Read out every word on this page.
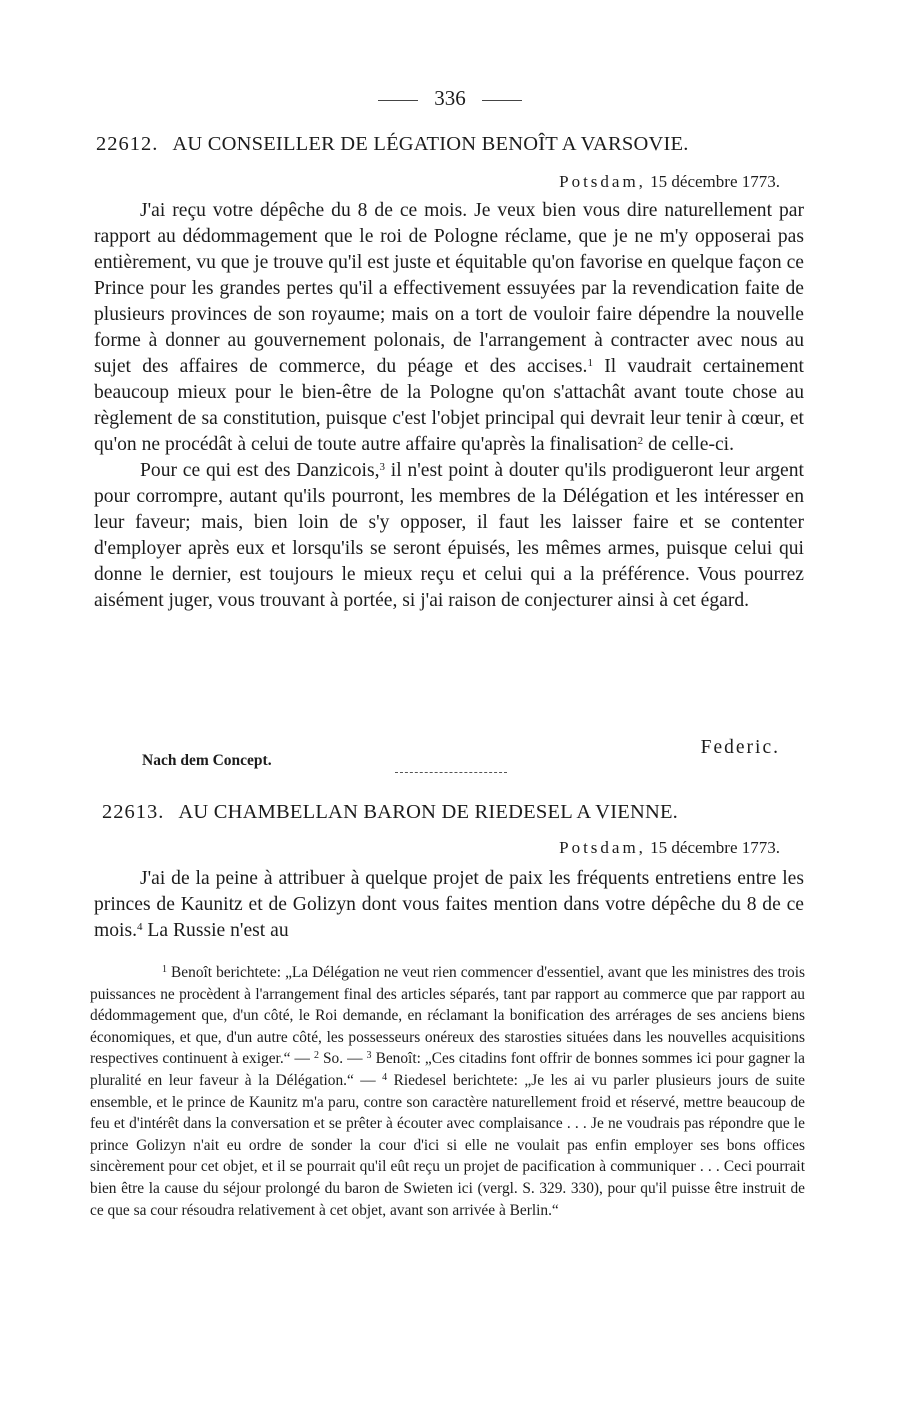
336
22612. AU CONSEILLER DE LÉGATION BENOÎT A VARSOVIE.
Potsdam, 15 décembre 1773.

J'ai reçu votre dépêche du 8 de ce mois. Je veux bien vous dire naturellement par rapport au dédommagement que le roi de Pologne réclame, que je ne m'y opposerai pas entièrement, vu que je trouve qu'il est juste et équitable qu'on favorise en quelque façon ce Prince pour les grandes pertes qu'il a effectivement essuyées par la revendication faite de plusieurs provinces de son royaume; mais on a tort de vouloir faire dépendre la nouvelle forme à donner au gouvernement polonais, de l'arrangement à contracter avec nous au sujet des affaires de commerce, du péage et des accises.$^1$ Il vaudrait certainement beaucoup mieux pour le bien-être de la Pologne qu'on s'attachât avant toute chose au règlement de sa constitution, puisque c'est l'objet principal qui devrait leur tenir à cœur, et qu'on ne procédât à celui de toute autre affaire qu'après la finalisation$^2$ de celle-ci.

Pour ce qui est des Danzicois,$^3$ il n'est point à douter qu'ils prodigueront leur argent pour corrompre, autant qu'ils pourront, les membres de la Délégation et les intéresser en leur faveur; mais, bien loin de s'y opposer, il faut les laisser faire et se contenter d'employer après eux et lorsqu'ils se seront épuisés, les mêmes armes, puisque celui qui donne le dernier, est toujours le mieux reçu et celui qui a la préférence. Vous pourrez aisément juger, vous trouvant à portée, si j'ai raison de conjecturer ainsi à cet égard.

Federic.
Nach dem Concept.
22613. AU CHAMBELLAN BARON DE RIEDESEL A VIENNE.
Potsdam, 15 décembre 1773.

J'ai de la peine à attribuer à quelque projet de paix les fréquents entretiens entre les princes de Kaunitz et de Golizyn dont vous faites mention dans votre dépêche du 8 de ce mois.$^4$ La Russie n'est au

$^1$ Benoît berichtete: „La Délégation ne veut rien commencer d'essentiel, avant que les ministres des trois puissances ne procèdent à l'arrangement final des articles séparés, tant par rapport au commerce que par rapport au dédommagement que, d'un côté, le Roi demande, en réclamant la bonification des arrérages de ses anciens biens économiques, et que, d'un autre côté, les possesseurs onéreux des starosties situées dans les nouvelles acquisitions respectives continuent à exiger.“ — $^2$ So. — $^3$ Benoît: „Ces citadins font offrir de bonnes sommes ici pour gagner la pluralité en leur faveur à la Délégation.“ — $^4$ Riedesel berichtete: „Je les ai vu parler plusieurs jours de suite ensemble, et le prince de Kaunitz m'a paru, contre son caractère naturellement froid et réservé, mettre beaucoup de feu et d'intérêt dans la conversation et se prêter à écouter avec complaisance . . . Je ne voudrais pas répondre que le prince Golizyn n'ait eu ordre de sonder la cour d'ici si elle ne voulait pas enfin employer ses bons offices sincèrement pour cet objet, et il se pourrait qu'il eût reçu un projet de pacification à communiquer . . . Ceci pourrait bien être la cause du séjour prolongé du baron de Swieten ici (vergl. S. 329. 330), pour qu'il puisse être instruit de ce que sa cour résoudra relativement à cet objet, avant son arrivée à Berlin.“
